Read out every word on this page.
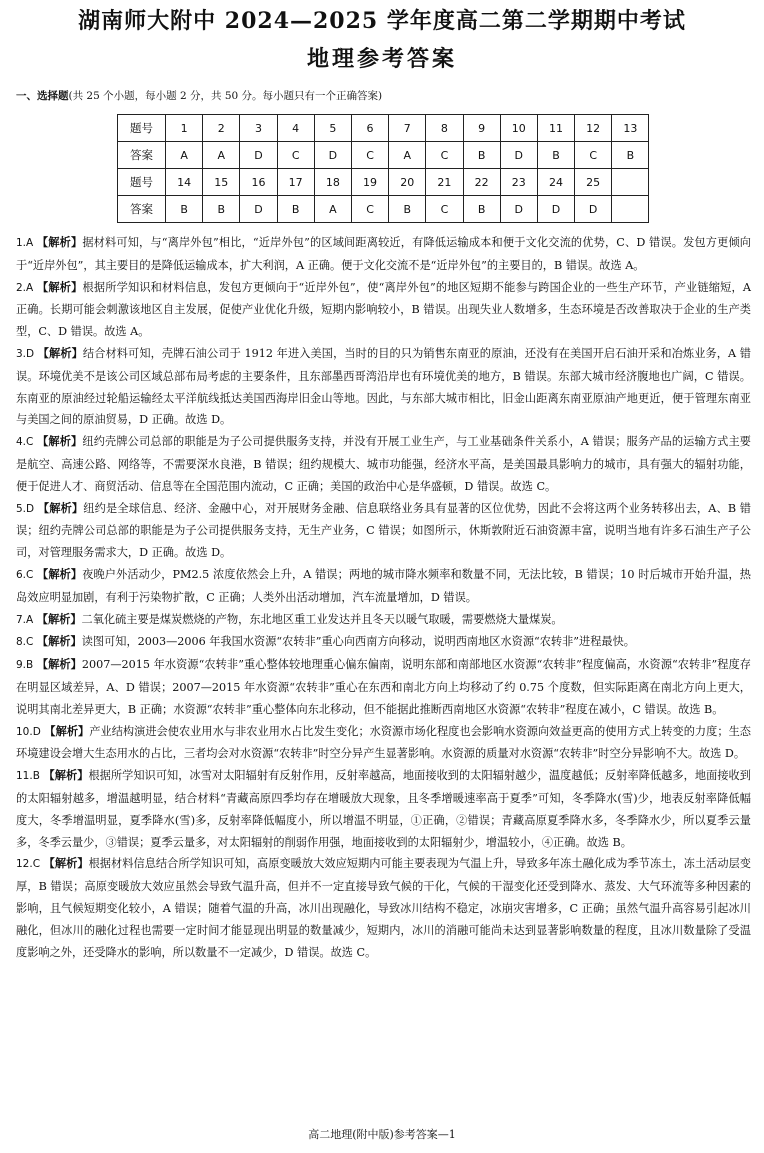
湖南师大附中 2024—2025 学年度高二第二学期期中考试
地理参考答案
一、选择题(共 25 个小题，每小题 2 分，共 50 分。每小题只有一个正确答案)
题号	1	2	3	4	5	6	7	8	9	10	11	12	13
答案	A	A	D	C	D	C	A	C	B	D	B	C	B
题号	14	15	16	17	18	19	20	21	22	23	24	25	
答案	B	B	D	B	A	C	B	C	B	D	D	D	

1.A 【解析】据材料可知，与“离岸外包”相比，“近岸外包”的区域间距离较近，有降低运输成本和便于文化交流的优势，C、D 错误。发包方更倾向于“近岸外包”，其主要目的是降低运输成本，扩大利润，A 正确。便于文化交流不是“近岸外包”的主要目的，B 错误。故选 A。

2.A 【解析】根据所学知识和材料信息，发包方更倾向于“近岸外包”，使“离岸外包”的地区短期不能参与跨国企业的一些生产环节，产业链缩短，A 正确。长期可能会刺激该地区自主发展，促使产业优化升级，短期内影响较小，B 错误。出现失业人数增多，生态环境是否改善取决于企业的生产类型，C、D 错误。故选 A。

3.D 【解析】结合材料可知，壳牌石油公司于 1912 年进入美国，当时的目的只为销售东南亚的原油，还没有在美国开启石油开采和冶炼业务，A 错误。环境优美不是该公司区域总部布局考虑的主要条件，且东部墨西哥湾沿岸也有环境优美的地方，B 错误。东部大城市经济腹地也广阔，C 错误。东南亚的原油经过轮船运输经太平洋航线抵达美国西海岸旧金山等地。因此，与东部大城市相比，旧金山距离东南亚原油产地更近，便于管理东南亚与美国之间的原油贸易，D 正确。故选 D。

4.C 【解析】纽约壳牌公司总部的职能是为子公司提供服务支持，并没有开展工业生产，与工业基础条件关系小，A 错误；服务产品的运输方式主要是航空、高速公路、网络等，不需要深水良港，B 错误；纽约规模大、城市功能强，经济水平高，是美国最具影响力的城市，具有强大的辐射功能，便于促进人才、商贸活动、信息等在全国范围内流动，C 正确；美国的政治中心是华盛顿，D 错误。故选 C。

5.D 【解析】纽约是全球信息、经济、金融中心，对开展财务金融、信息联络业务具有显著的区位优势，因此不会将这两个业务转移出去，A、B 错误；纽约壳牌公司总部的职能是为子公司提供服务支持，无生产业务，C 错误；如图所示，休斯敦附近石油资源丰富，说明当地有许多石油生产子公司，对管理服务需求大，D 正确。故选 D。

6.C 【解析】夜晚户外活动少，PM2.5 浓度依然会上升，A 错误；两地的城市降水频率和数量不同，无法比较，B 错误；10 时后城市开始升温，热岛效应明显加剧，有利于污染物扩散，C 正确；人类外出活动增加，汽车流量增加，D 错误。

7.A 【解析】二氧化硫主要是煤炭燃烧的产物，东北地区重工业发达并且冬天以暖气取暖，需要燃烧大量煤炭。

8.C 【解析】读图可知，2003—2006 年我国水资源“农转非”重心向西南方向移动，说明西南地区水资源“农转非”进程最快。

9.B 【解析】2007—2015 年水资源“农转非”重心整体较地理重心偏东偏南，说明东部和南部地区水资源“农转非”程度偏高，水资源“农转非”程度存在明显区域差异，A、D 错误；2007—2015 年水资源“农转非”重心在东西和南北方向上均移动了约 0.75 个度数，但实际距离在南北方向上更大，说明其南北差异更大，B 正确；水资源“农转非”重心整体向东北移动，但不能据此推断西南地区水资源“农转非”程度在减小，C 错误。故选 B。

10.D 【解析】产业结构演进会使农业用水与非农业用水占比发生变化；水资源市场化程度也会影响水资源向效益更高的使用方式上转变的力度；生态环境建设会增大生态用水的占比，三者均会对水资源“农转非”时空分异产生显著影响。水资源的质量对水资源“农转非”时空分异影响不大。故选 D。

11.B 【解析】根据所学知识可知，冰雪对太阳辐射有反射作用，反射率越高，地面接收到的太阳辐射越少，温度越低；反射率降低越多，地面接收到的太阳辐射越多，增温越明显，结合材料“青藏高原四季均存在增暖放大现象，且冬季增暖速率高于夏季”可知，冬季降水(雪)少，地表反射率降低幅度大，冬季增温明显，夏季降水(雪)多，反射率降低幅度小，所以增温不明显，①正确，②错误；青藏高原夏季降水多，冬季降水少，所以夏季云量多，冬季云量少，③错误；夏季云量多，对太阳辐射的削弱作用强，地面接收到的太阳辐射少，增温较小，④正确。故选 B。

12.C 【解析】根据材料信息结合所学知识可知，高原变暖放大效应短期内可能主要表现为气温上升，导致多年冻土融化成为季节冻土，冻土活动层变厚，B 错误；高原变暖放大效应虽然会导致气温升高，但并不一定直接导致气候的干化，气候的干湿变化还受到降水、蒸发、大气环流等多种因素的影响，且气候短期变化较小，A 错误；随着气温的升高，冰川出现融化，导致冰川结构不稳定，冰崩灾害增多，C 正确；虽然气温升高容易引起冰川融化，但冰川的融化过程也需要一定时间才能显现出明显的数量减少，短期内，冰川的消融可能尚未达到显著影响数量的程度，且冰川数量除了受温度影响之外，还受降水的影响，所以数量不一定减少，D 错误。故选 C。

高二地理(附中版)参考答案—1
